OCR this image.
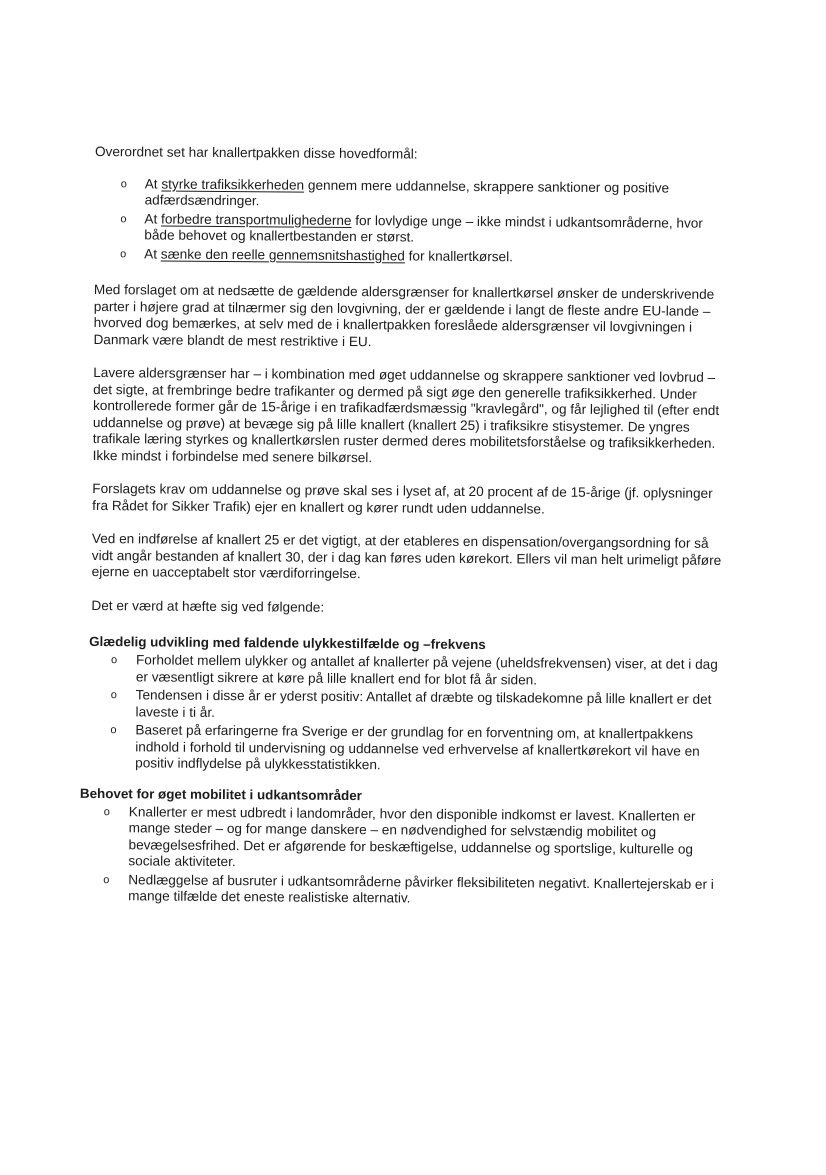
Overordnet set har knallertpakken disse hovedformål:

o At styrke trafiksikkerheden gennem mere uddannelse, skrappere sanktioner og positive adfærdsændringer.
o At forbedre transportmulighederne for lovlydige unge – ikke mindst i udkantsområderne, hvor både behovet og knallertbestanden er størst.
o At sænke den reelle gennemsnitshastighed for knallertkørsel.

Med forslaget om at nedsætte de gældende aldersgrænser for knallertkørsel ønsker de underskrivende parter i højere grad at tilnærmer sig den lovgivning, der er gældende i langt de fleste andre EU-lande – hvorved dog bemærkes, at selv med de i knallertpakken foreslåede aldersgrænser vil lovgivningen i Danmark være blandt de mest restriktive i EU.

Lavere aldersgrænser har – i kombination med øget uddannelse og skrappere sanktioner ved lovbrud – det sigte, at frembringe bedre trafikanter og dermed på sigt øge den generelle trafiksikkerhed. Under kontrollerede former går de 15-årige i en trafikadfærdsmæssig "kravlegård", og får lejlighed til (efter endt uddannelse og prøve) at bevæge sig på lille knallert (knallert 25) i trafiksikre stisystemer. De yngres trafikale læring styrkes og knallertkørslen ruster dermed deres mobilitetsforståelse og trafiksikkerheden. Ikke mindst i forbindelse med senere bilkørsel.

Forslagets krav om uddannelse og prøve skal ses i lyset af, at 20 procent af de 15-årige (jf. oplysninger fra Rådet for Sikker Trafik) ejer en knallert og kører rundt uden uddannelse.

Ved en indførelse af knallert 25 er det vigtigt, at der etableres en dispensation/overgangsordning for så vidt angår bestanden af knallert 30, der i dag kan føres uden kørekort. Ellers vil man helt urimeligt påføre ejerne en uacceptabelt stor værdiforringelse.

Det er værd at hæfte sig ved følgende:

Glædelig udvikling med faldende ulykkestilfælde og –frekvens
o Forholdet mellem ulykker og antallet af knallerter på vejene (uheldsfrekvensen) viser, at det i dag er væsentligt sikrere at køre på lille knallert end for blot få år siden.
o Tendensen i disse år er yderst positiv: Antallet af dræbte og tilskadekomne på lille knallert er det laveste i ti år.
o Baseret på erfaringerne fra Sverige er der grundlag for en forventning om, at knallertpakkens indhold i forhold til undervisning og uddannelse ved erhvervelse af knallertkørekort vil have en positiv indflydelse på ulykkesstatistikken.
Behovet for øget mobilitet i udkantsområder
o Knallerter er mest udbredt i landområder, hvor den disponible indkomst er lavest. Knallerten er mange steder – og for mange danskere – en nødvendighed for selvstændig mobilitet og bevægelsesfrihed. Det er afgørende for beskæftigelse, uddannelse og sportslige, kulturelle og sociale aktiviteter.
o Nedlæggelse af busruter i udkantsområderne påvirker fleksibiliteten negativt. Knallertejerskab er i mange tilfælde det eneste realistiske alternativ.
